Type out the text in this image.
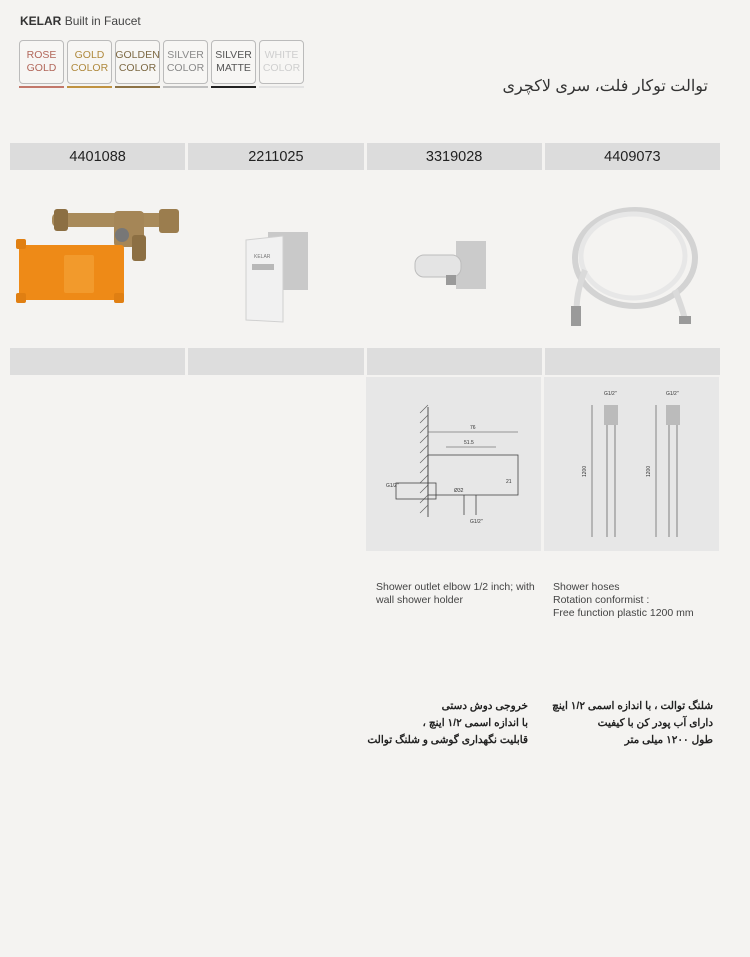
KELAR Built in Faucet
ROSE
GOLD
GOLD
COLOR
GOLDEN
COLOR
SILVER
COLOR
SILVER
MATTE
WHITE
COLOR
توالت توکار فلت، سری لاکچری
4401088	2211025	3319028	4409073
KELAR
76
51.5
21
G1/2"
Ø32
G1/2"
G1/2"	G1/2"
1200	1200
Shower outlet elbow 1/2 inch; with
wall shower holder
Shower hoses
Rotation conformist :
Free function plastic 1200 mm
خروجی دوش دستی
با اندازه اسمی ۱/۲ اینچ ،
قابلیت نگهداری گوشی و شلنگ توالت
شلنگ توالت ، با اندازه اسمی ۱/۲ اینچ
دارای آب پودر کن با کیفیت
طول ۱۲۰۰ میلی متر
